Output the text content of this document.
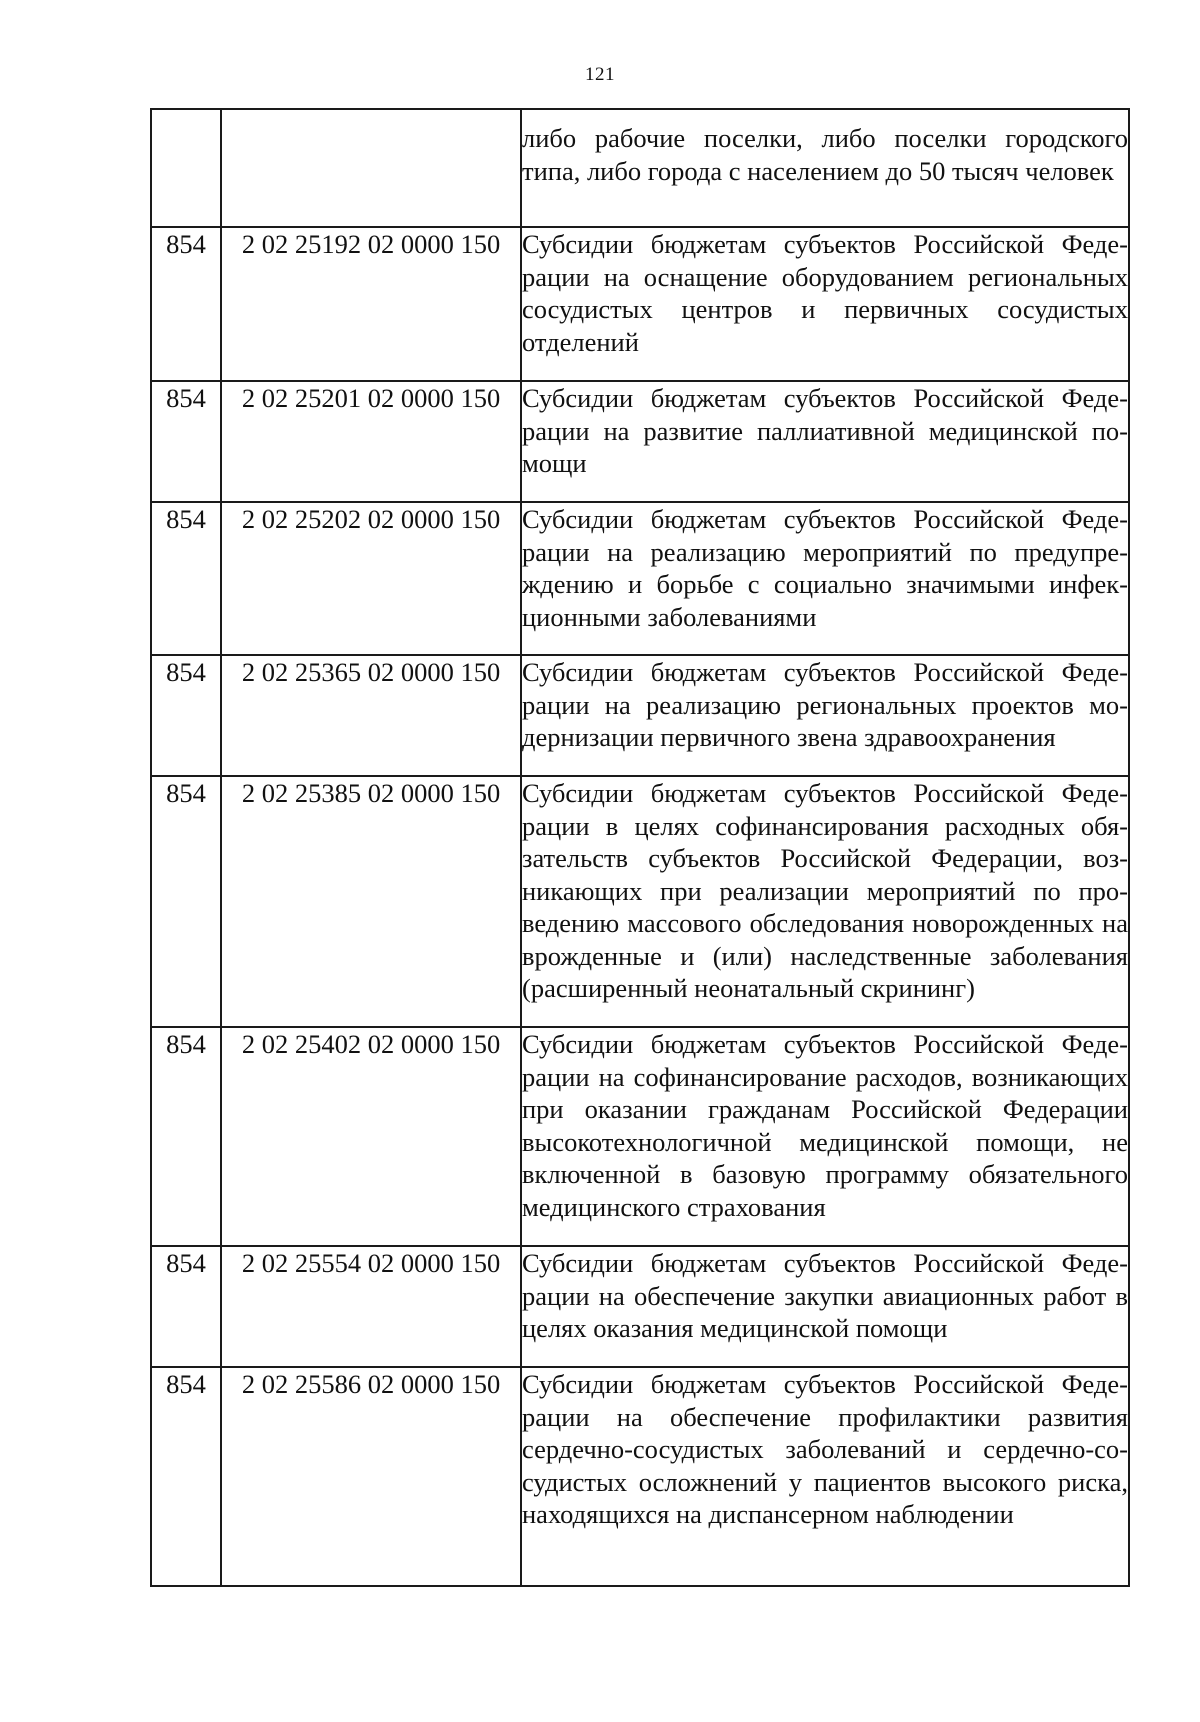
121

		либо рабочие поселки, либо поселки городского типа, либо города с населением до 50 тысяч человек

854	2 02 25192 02 0000 150	Субсидии бюджетам субъектов Российской Федерации на оснащение оборудованием региональных сосудистых центров и первичных сосудистых отделений

854	2 02 25201 02 0000 150	Субсидии бюджетам субъектов Российской Федерации на развитие паллиативной медицинской помощи

854	2 02 25202 02 0000 150	Субсидии бюджетам субъектов Российской Федерации на реализацию мероприятий по предупреждению и борьбе с социально значимыми инфекционными заболеваниями

854	2 02 25365 02 0000 150	Субсидии бюджетам субъектов Российской Федерации на реализацию региональных проектов модернизации первичного звена здравоохранения

854	2 02 25385 02 0000 150	Субсидии бюджетам субъектов Российской Федерации в целях софинансирования расходных обязательств субъектов Российской Федерации, возникающих при реализации мероприятий по проведению массового обследования новорожденных на врожденные и (или) наследственные заболевания (расширенный неонатальный скрининг)

854	2 02 25402 02 0000 150	Субсидии бюджетам субъектов Российской Федерации на софинансирование расходов, возникающих при оказании гражданам Российской Федерации высокотехнологичной медицинской помощи, не включенной в базовую программу обязательного медицинского страхования

854	2 02 25554 02 0000 150	Субсидии бюджетам субъектов Российской Федерации на обеспечение закупки авиационных работ в целях оказания медицинской помощи

854	2 02 25586 02 0000 150	Субсидии бюджетам субъектов Российской Федерации на обеспечение профилактики развития сердечно-сосудистых заболеваний и сердечно-сосудистых осложнений у пациентов высокого риска, находящихся на диспансерном наблюдении
